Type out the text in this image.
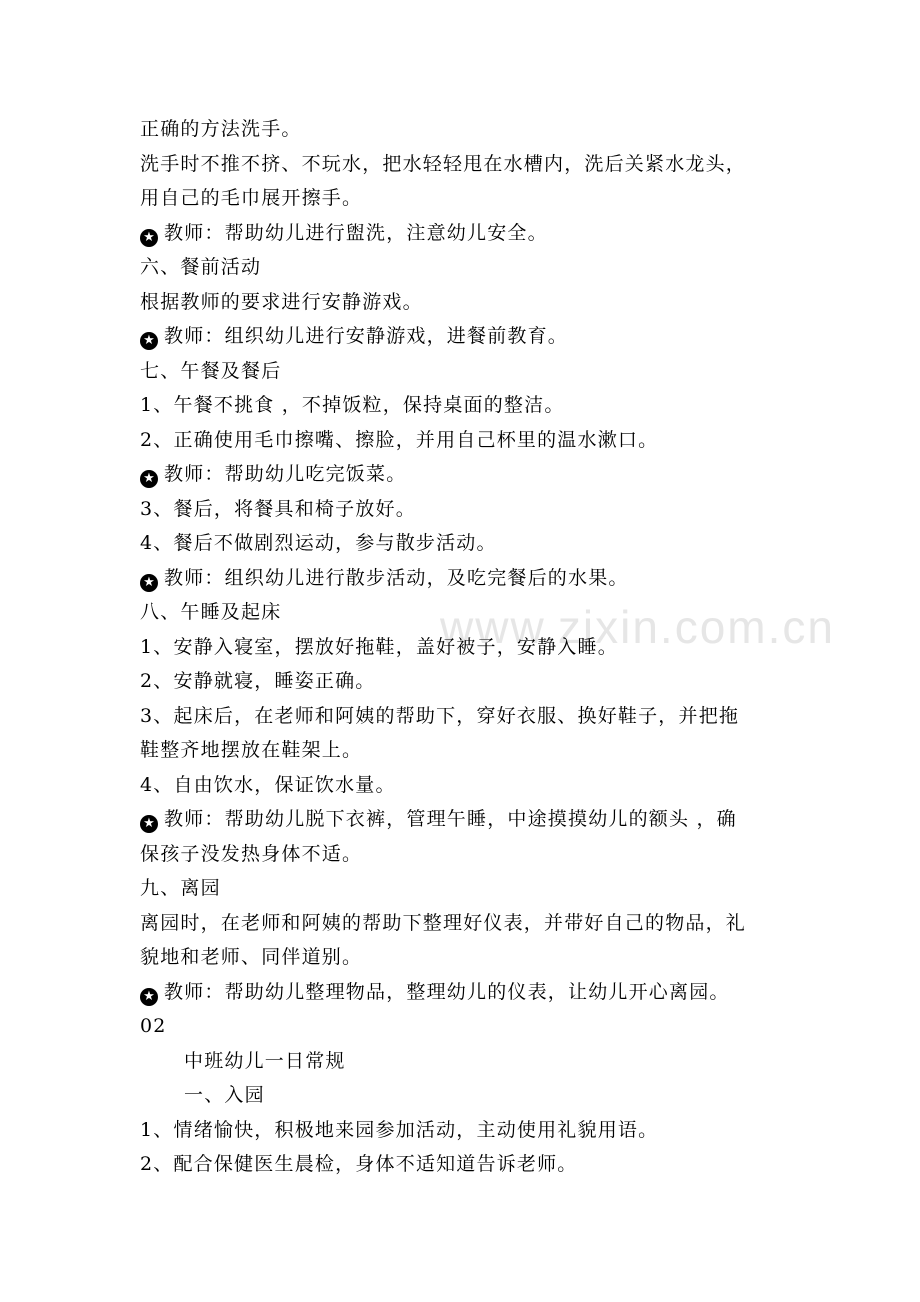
www.zixin.com.cn
正确的方法洗手。
洗手时不推不挤、不玩水，把水轻轻甩在水槽内，洗后关紧水龙头，
用自己的毛巾展开擦手。
★ 教师：帮助幼儿进行盥洗，注意幼儿安全。
六、餐前活动
根据教师的要求进行安静游戏。
★ 教师：组织幼儿进行安静游戏，进餐前教育。
七、午餐及餐后
1、午餐不挑食 ，不掉饭粒，保持桌面的整洁。
2、正确使用毛巾擦嘴、擦脸，并用自己杯里的温水漱口。
★ 教师：帮助幼儿吃完饭菜。
3、餐后，将餐具和椅子放好。
4、餐后不做剧烈运动，参与散步活动。
★ 教师：组织幼儿进行散步活动，及吃完餐后的水果。
八、午睡及起床
1、安静入寝室，摆放好拖鞋，盖好被子，安静入睡。
2、安静就寝，睡姿正确。
3、起床后，在老师和阿姨的帮助下，穿好衣服、换好鞋子，并把拖
鞋整齐地摆放在鞋架上。
4、自由饮水，保证饮水量。
★ 教师：帮助幼儿脱下衣裤，管理午睡，中途摸摸幼儿的额头 ，确
保孩子没发热身体不适。
九、离园
离园时，在老师和阿姨的帮助下整理好仪表，并带好自己的物品，礼
貌地和老师、同伴道别。
★ 教师：帮助幼儿整理物品，整理幼儿的仪表，让幼儿开心离园。
02
中班幼儿一日常规
一、入园
1、情绪愉快，积极地来园参加活动，主动使用礼貌用语。
2、配合保健医生晨检，身体不适知道告诉老师。
